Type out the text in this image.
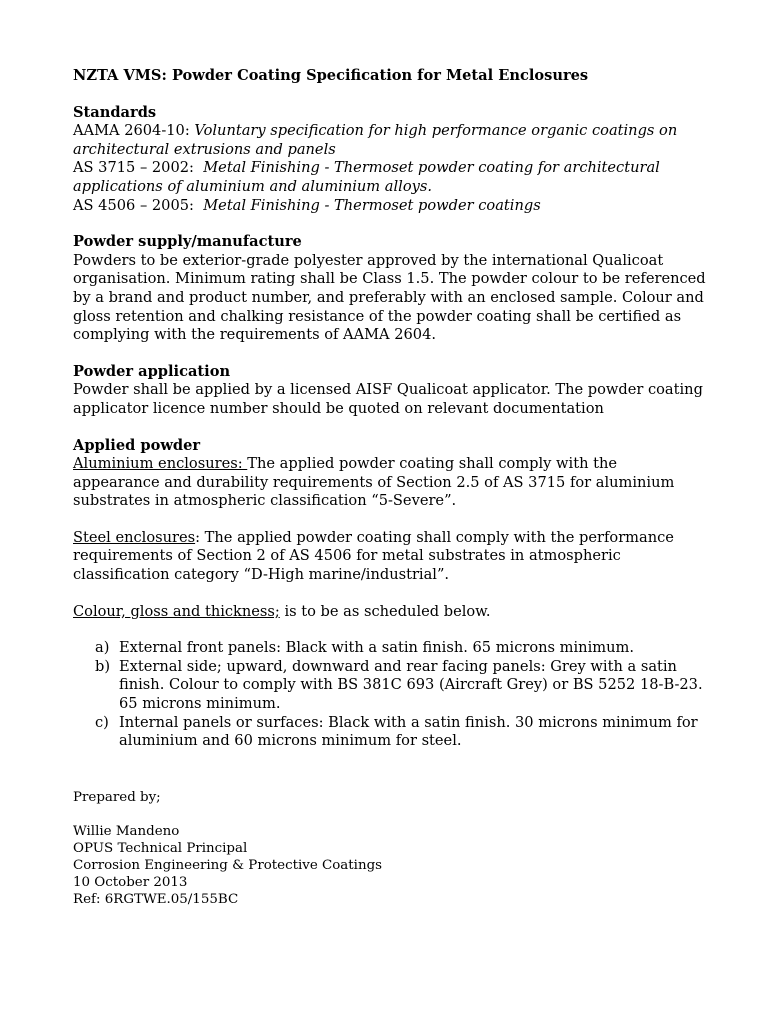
NZTA VMS: Powder Coating Specification for Metal Enclosures

Standards

AAMA 2604-10: Voluntary specification for high performance organic coatings on architectural extrusions and panels

AS 3715 – 2002: Metal Finishing - Thermoset powder coating for architectural applications of aluminium and aluminium alloys.

AS 4506 – 2005: Metal Finishing - Thermoset powder coatings

Powder supply/manufacture

Powders to be exterior-grade polyester approved by the international Qualicoat organisation. Minimum rating shall be Class 1.5. The powder colour to be referenced by a brand and product number, and preferably with an enclosed sample. Colour and gloss retention and chalking resistance of the powder coating shall be certified as complying with the requirements of AAMA 2604.

Powder application

Powder shall be applied by a licensed AISF Qualicoat applicator. The powder coating applicator licence number should be quoted on relevant documentation

Applied powder

Aluminium enclosures: The applied powder coating shall comply with the appearance and durability requirements of Section 2.5 of AS 3715 for aluminium substrates in atmospheric classification “5-Severe”.

Steel enclosures: The applied powder coating shall comply with the performance requirements of Section 2 of AS 4506 for metal substrates in atmospheric classification category “D-High marine/industrial”.

Colour, gloss and thickness; is to be as scheduled below.

a) External front panels: Black with a satin finish. 65 microns minimum.
b) External side; upward, downward and rear facing panels: Grey with a satin finish. Colour to comply with BS 381C 693 (Aircraft Grey) or BS 5252 18-B-23. 65 microns minimum.
c) Internal panels or surfaces: Black with a satin finish. 30 microns minimum for aluminium and 60 microns minimum for steel.

Prepared by;

Willie Mandeno

OPUS Technical Principal

Corrosion Engineering & Protective Coatings

10 October 2013

Ref: 6RGTWE.05/155BC
